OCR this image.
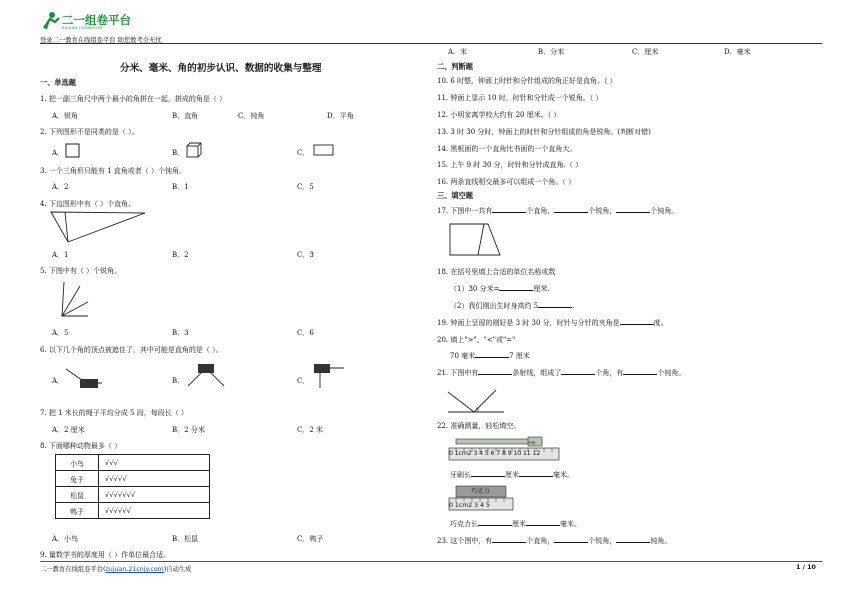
二一组卷平台
ZUJUAN.21CNJY.COM
登录二一教育在线组卷平台 助您教考全无忧
分米、毫米、角的初步认识、数据的收集与整理
一、单选题
1. 把一副三角尺中两个最小的角拼在一起，拼成的角是（ ）
A．锐角	B．直角	C．钝角	D．平角
2. 下列图形不是同类的是（ ）。
A．	B．	C．
3. 一个三角形只能有 1 直角或者（ ）个钝角。
A．2	B．1	C．5
4. 下边图形中有（ ）个直角。
A．1	B．2	C．3
5. 下图中有（ ）个锐角。
A．5	B．3	C．6
6. 以下几个角的顶点被遮住了，其中可能是直角的是（ ）。
A．	B．	C．
7. 把 1 米长的绳子平均分成 5 段，每段长（ ）
A．2 厘米	B．2 分米	C．2 米
8. 下面哪种动物最多（ ）
小鸟	√√√
兔子	√√√√√
松鼠	√√√√√√√
鸭子	√√√√√√
A．小鸟	B．松鼠	C．鸭子
9. 量数学书的厚度用（ ）作单位最合适。
A．米	B．分米	C．厘米	D．毫米
二、判断题
10. 6 时整，钟面上时针和分针组成的角正好是直角。（ ）
11. 钟面上显示 10 时，时针和分针成一个锐角。（ ）
12. 小明家离学校大约有 20 厘米。（ ）
13. 3 时 30 分时，钟面上的时针和分针组成的角是锐角。(判断对错)
14. 黑板面的一个直角比书面的一个直角大。
15. 上午 9 时 30 分，时针和分针成直角.（ ）
16. 两条直线相交最多可以组成一个角。（ ）
三、填空题
17. 下图中一共有	个直角，	个锐角，	个钝角。
18. 在括号里填上合适的单位名称或数
（1）30 分米=	厘米.
（2）我们刚出生时身高约 5	.
19. 钟面上呈现的刚好是 3 时 30 分，时针与分针的夹角是	度。
20. 填上">"、"<"或"="
70 毫米	7 厘米
21. 下图中有	条射线，组成了	个角，有	个钝角。
22. 准确测量，轻松填空。
牙刷
0 1cm2 3 4 5 6 7 8 9 10 11 12
牙刷长	厘米	毫米。
巧克力
0 1cm2 3 4 5
巧克力长	厘米	毫米。
23. 这个图中，有	个直角，	个锐角，	钝角。
二一教育在线组卷平台(zujuan.21cnjy.com)自动生成	1 / 10
